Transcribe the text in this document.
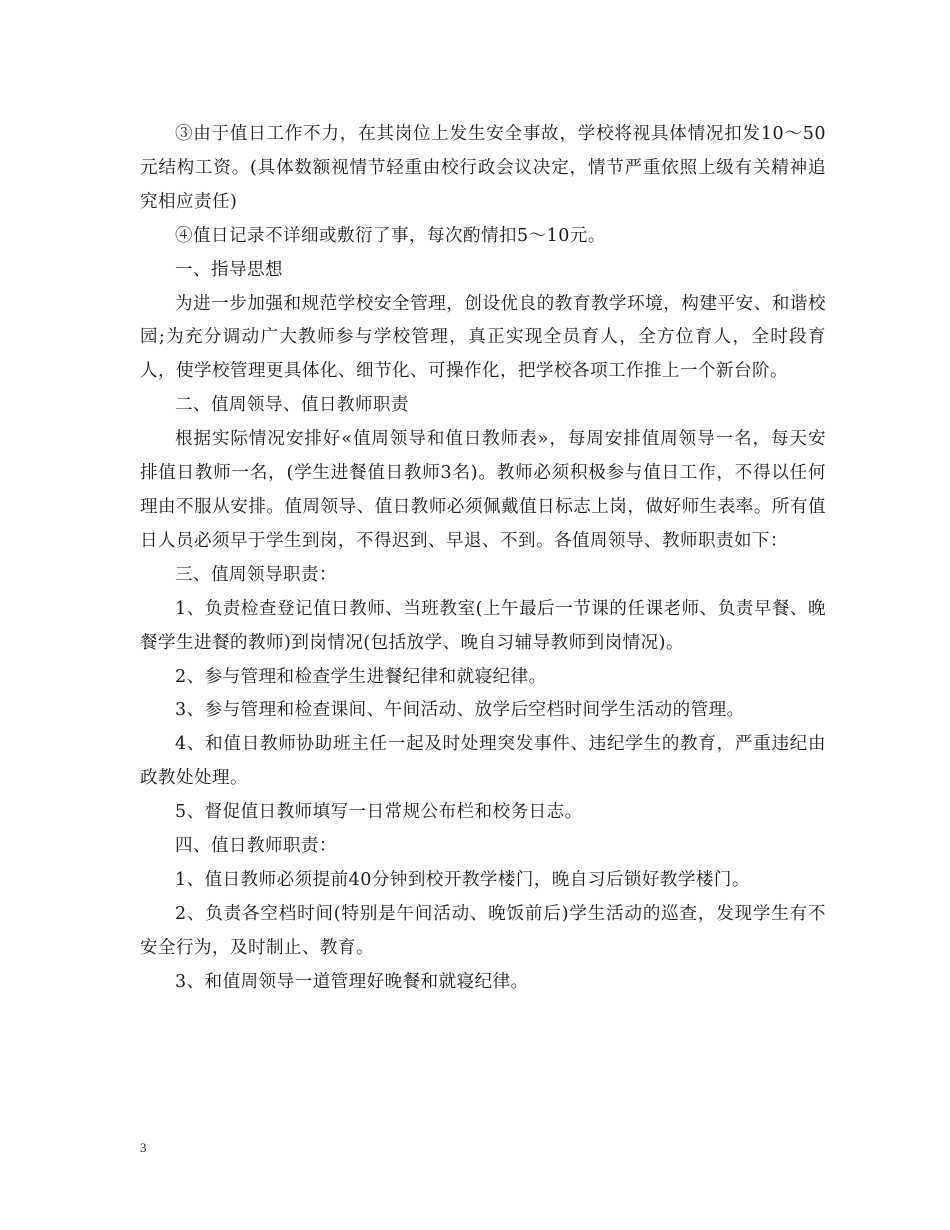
③由于值日工作不力，在其岗位上发生安全事故，学校将视具体情况扣发10～50元结构工资。(具体数额视情节轻重由校行政会议决定，情节严重依照上级有关精神追究相应责任)

④值日记录不详细或敷衍了事，每次酌情扣5～10元。

一、指导思想

为进一步加强和规范学校安全管理，创设优良的教育教学环境，构建平安、和谐校园;为充分调动广大教师参与学校管理，真正实现全员育人，全方位育人，全时段育人，使学校管理更具体化、细节化、可操作化，把学校各项工作推上一个新台阶。

二、值周领导、值日教师职责

根据实际情况安排好«值周领导和值日教师表»，每周安排值周领导一名，每天安排值日教师一名，(学生进餐值日教师3名)。教师必须积极参与值日工作，不得以任何理由不服从安排。值周领导、值日教师必须佩戴值日标志上岗，做好师生表率。所有值日人员必须早于学生到岗，不得迟到、早退、不到。各值周领导、教师职责如下：

三、值周领导职责：

1、负责检查登记值日教师、当班教室(上午最后一节课的任课老师、负责早餐、晚餐学生进餐的教师)到岗情况(包括放学、晚自习辅导教师到岗情况)。

2、参与管理和检查学生进餐纪律和就寝纪律。

3、参与管理和检查课间、午间活动、放学后空档时间学生活动的管理。

4、和值日教师协助班主任一起及时处理突发事件、违纪学生的教育，严重违纪由政教处处理。

5、督促值日教师填写一日常规公布栏和校务日志。

四、值日教师职责：

1、值日教师必须提前40分钟到校开教学楼门，晚自习后锁好教学楼门。

2、负责各空档时间(特别是午间活动、晚饭前后)学生活动的巡查，发现学生有不安全行为，及时制止、教育。

3、和值周领导一道管理好晚餐和就寝纪律。

3
